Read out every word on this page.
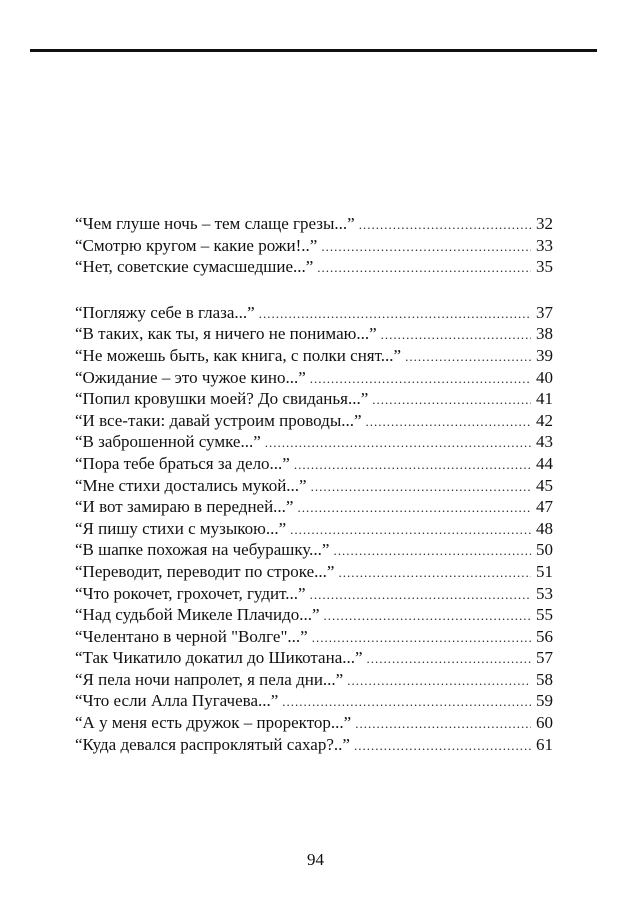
“Чем глуше ночь – тем слаще грезы...” .....	32
“Смотрю кругом – какие рожи!..” .....	33
“Нет, советские сумасшедшие...” .....	35
“Погляжу себе в глаза...” .....	37
“В таких, как ты, я ничего не понимаю...” .....	38
“Не можешь быть, как книга, с полки снят...” .....	39
“Ожидание – это чужое кино...” .....	40
“Попил кровушки моей? До свиданья...” .....	41
“И все-таки: давай устроим проводы...” .....	42
“В заброшенной сумке...” .....	43
“Пора тебе браться за дело...” .....	44
“Мне стихи достались мукой...” .....	45
“И вот замираю в передней...” .....	47
“Я пишу стихи с музыкою...” .....	48
“В шапке похожая на чебурашку...” .....	50
“Переводит, переводит по строке...” .....	51
“Что рокочет, грохочет, гудит...” .....	53
“Над судьбой Микеле Плачидо...” .....	55
“Челентано в черной "Волге"...” .....	56
“Так Чикатило докатил до Шикотана...” .....	57
“Я пела ночи напролет, я пела дни...” .....	58
“Что если Алла Пугачева...” .....	59
“А у меня есть дружок – проректор...” .....	60
“Куда девался распроклятый сахар?..” .....	61
94
